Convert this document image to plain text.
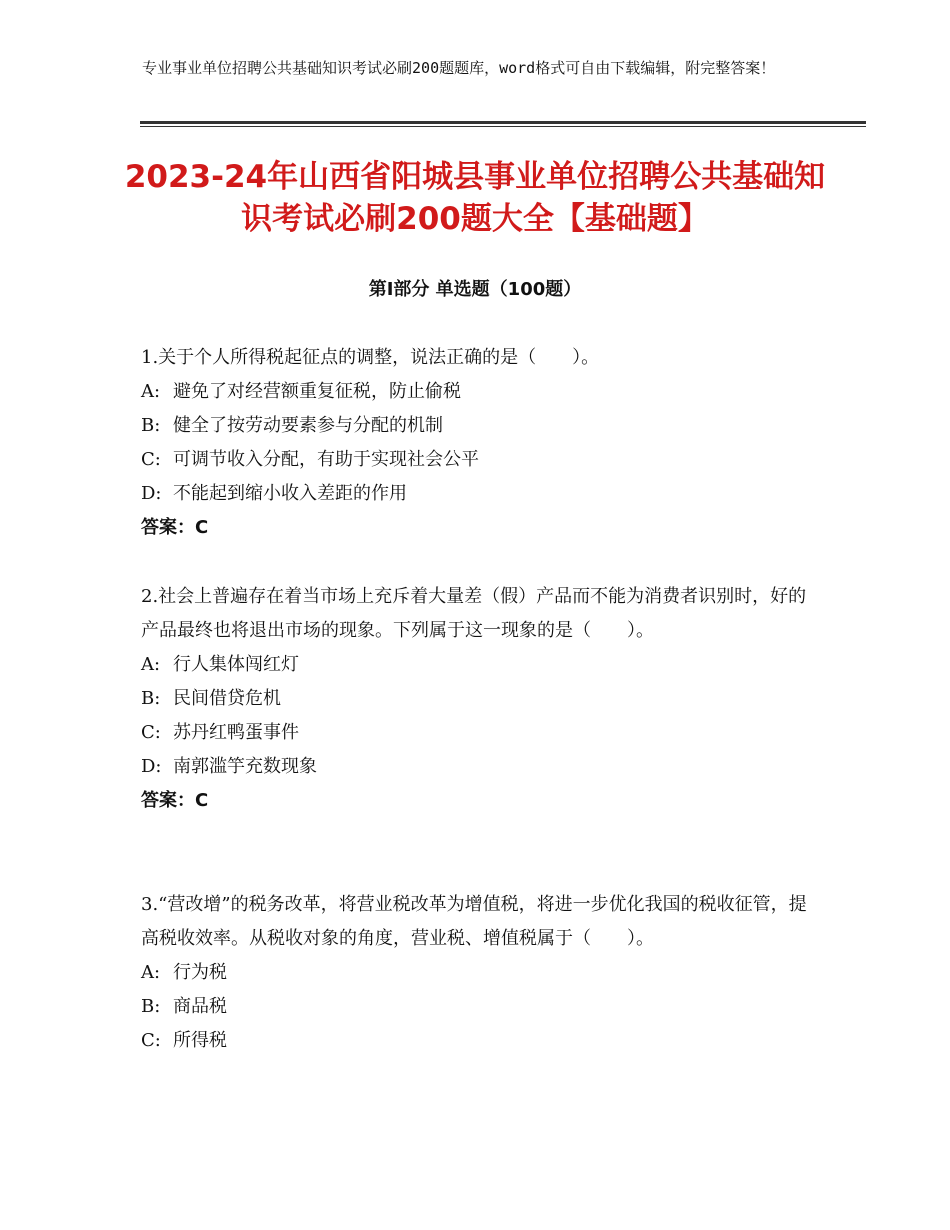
专业事业单位招聘公共基础知识考试必刷200题题库，word格式可自由下载编辑，附完整答案！
2023-24年山西省阳城县事业单位招聘公共基础知识考试必刷200题大全【基础题】
第Ⅰ部分 单选题（100题）

1.关于个人所得税起征点的调整，说法正确的是（　　）。

A: 避免了对经营额重复征税，防止偷税

B: 健全了按劳动要素参与分配的机制

C: 可调节收入分配，有助于实现社会公平

D: 不能起到缩小收入差距的作用

答案：C

2.社会上普遍存在着当市场上充斥着大量差（假）产品而不能为消费者识别时，好的产品最终也将退出市场的现象。下列属于这一现象的是（　　）。

A: 行人集体闯红灯

B: 民间借贷危机

C: 苏丹红鸭蛋事件

D: 南郭滥竽充数现象

答案：C

3.“营改增”的税务改革，将营业税改革为增值税，将进一步优化我国的税收征管，提高税收效率。从税收对象的角度，营业税、增值税属于（　　）。

A: 行为税

B: 商品税

C: 所得税
